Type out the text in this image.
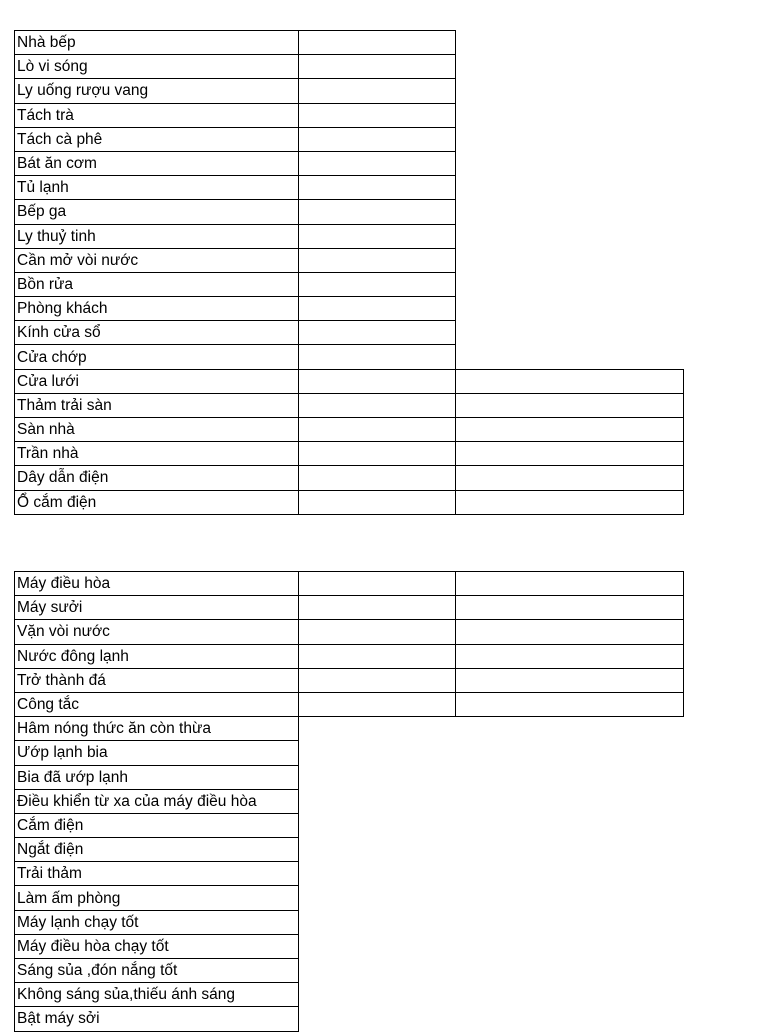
Nhà bếp		
Lò vi sóng		
Ly uống rượu vang		
Tách trà		
Tách cà phê		
Bát ăn cơm		
Tủ lạnh		
Bếp ga		
Ly thuỷ tinh		
Cần mở vòi nước		
Bồn rửa		
Phòng khách		
Kính cửa sổ		
Cửa chớp		
Cửa lưới		
Thảm trải sàn		
Sàn nhà		
Trần nhà		
Dây dẫn điện		
Ổ cắm điện		
Máy điều hòa		
Máy sưởi		
Vặn vòi nước		
Nước đông lạnh		
Trở thành đá		
Công tắc		
Hâm nóng thức ăn còn thừa		
Ướp lạnh bia		
Bia đã ướp lạnh		
Điều khiển từ xa của máy điều hòa		
Cắm điện		
Ngắt điện		
Trải thảm		
Làm ấm phòng		
Máy lạnh chạy tốt		
Máy điều hòa chạy tốt		
Sáng sủa ,đón nắng tốt		
Không sáng sủa,thiếu ánh sáng		
Bật máy sởi		
